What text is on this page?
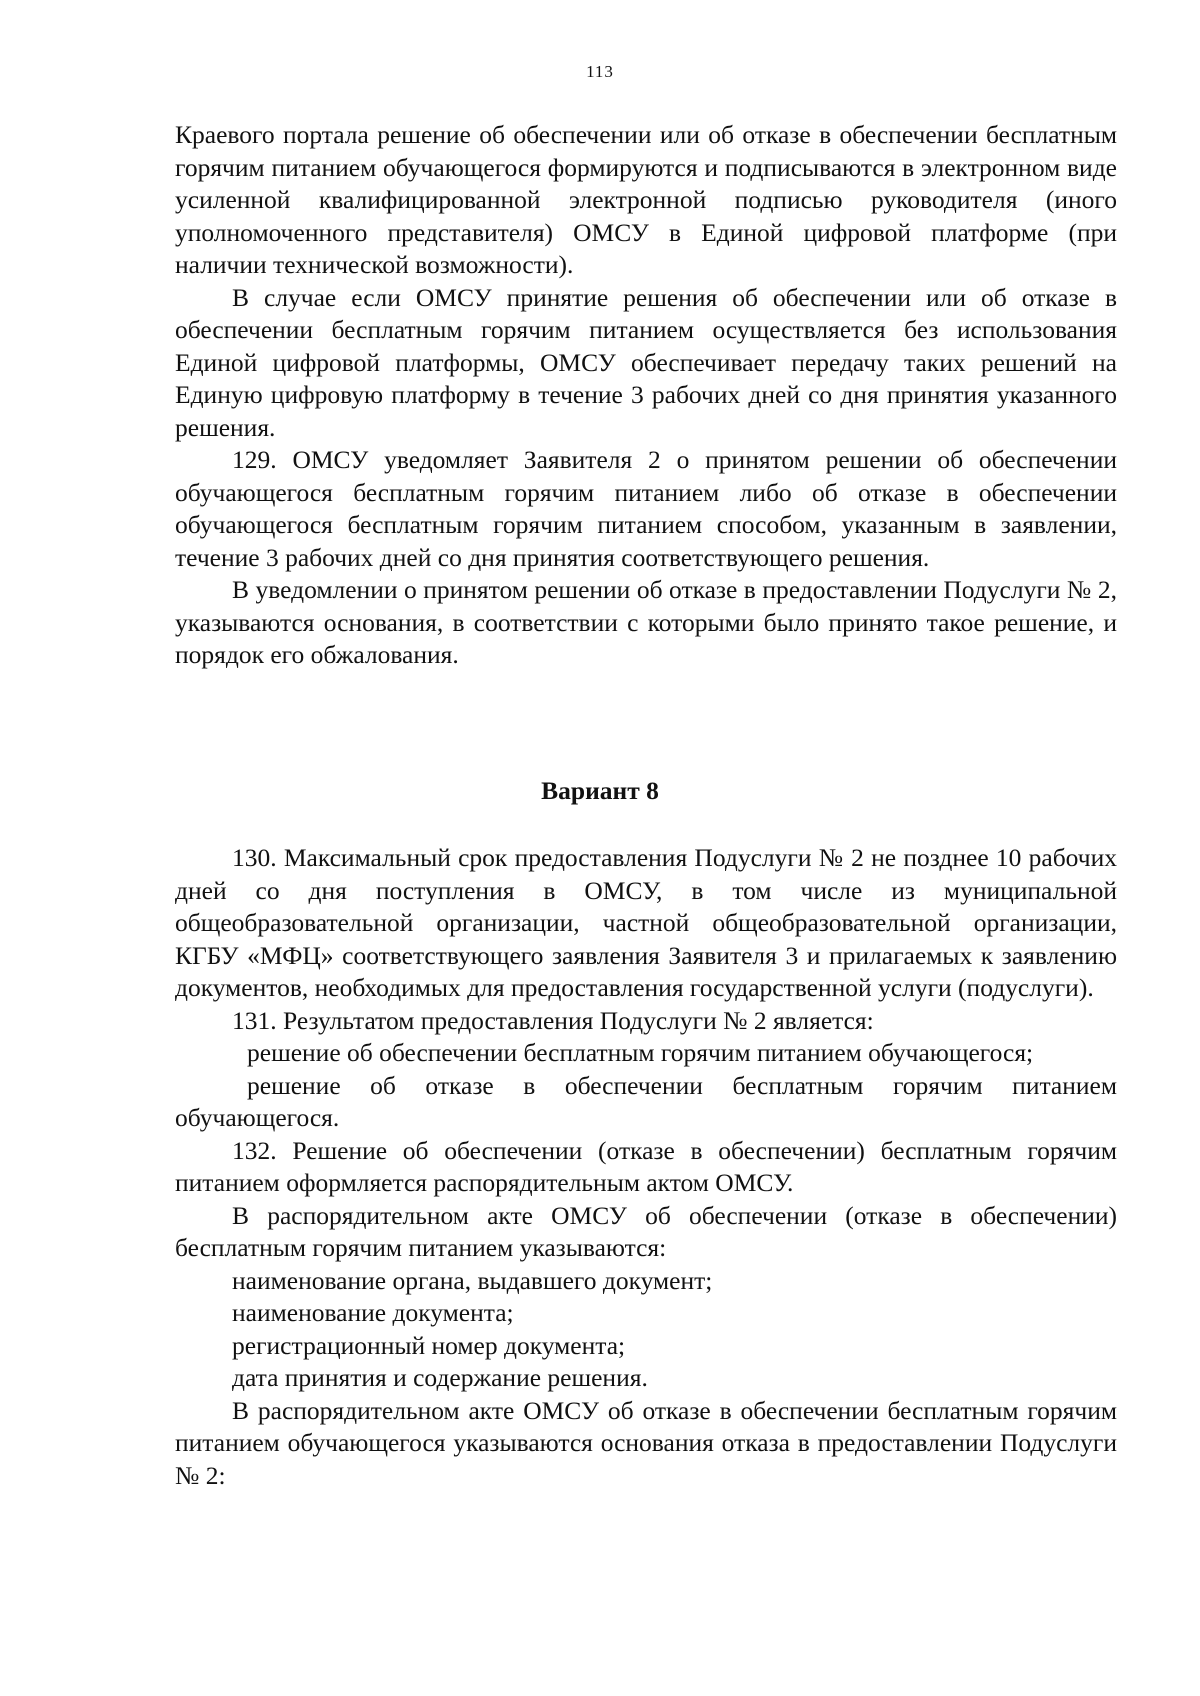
113

Краевого портала решение об обеспечении или об отказе в обеспечении бесплатным горячим питанием обучающегося формируются и подписываются в электронном виде усиленной квалифицированной электронной подписью руководителя (иного уполномоченного представителя) ОМСУ в Единой цифровой платформе (при наличии технической возможности).

В случае если ОМСУ принятие решения об обеспечении или об отказе в обеспечении бесплатным горячим питанием осуществляется без использования Единой цифровой платформы, ОМСУ обеспечивает передачу таких решений на Единую цифровую платформу в течение 3 рабочих дней со дня принятия указанного решения.

129. ОМСУ уведомляет Заявителя 2 о принятом решении об обеспечении обучающегося бесплатным горячим питанием либо об отказе в обеспечении обучающегося бесплатным горячим питанием способом, указанным в заявлении, течение 3 рабочих дней со дня принятия соответствующего решения.

В уведомлении о принятом решении об отказе в предоставлении Подуслуги № 2, указываются основания, в соответствии с которыми было принято такое решение, и порядок его обжалования.

Вариант 8

130. Максимальный срок предоставления Подуслуги № 2 не позднее 10 рабочих дней со дня поступления в ОМСУ, в том числе из муниципальной общеобразовательной организации, частной общеобразовательной организации, КГБУ «МФЦ» соответствующего заявления Заявителя 3 и прилагаемых к заявлению документов, необходимых для предоставления государственной услуги (подуслуги).

131. Результатом предоставления Подуслуги № 2 является:

решение об обеспечении бесплатным горячим питанием обучающегося;

решение об отказе в обеспечении бесплатным горячим питанием обучающегося.

132. Решение об обеспечении (отказе в обеспечении) бесплатным горячим питанием оформляется распорядительным актом ОМСУ.

В распорядительном акте ОМСУ об обеспечении (отказе в обеспечении) бесплатным горячим питанием указываются:

наименование органа, выдавшего документ;

наименование документа;

регистрационный номер документа;

дата принятия и содержание решения.

В распорядительном акте ОМСУ об отказе в обеспечении бесплатным горячим питанием обучающегося указываются основания отказа в предоставлении Подуслуги № 2:
